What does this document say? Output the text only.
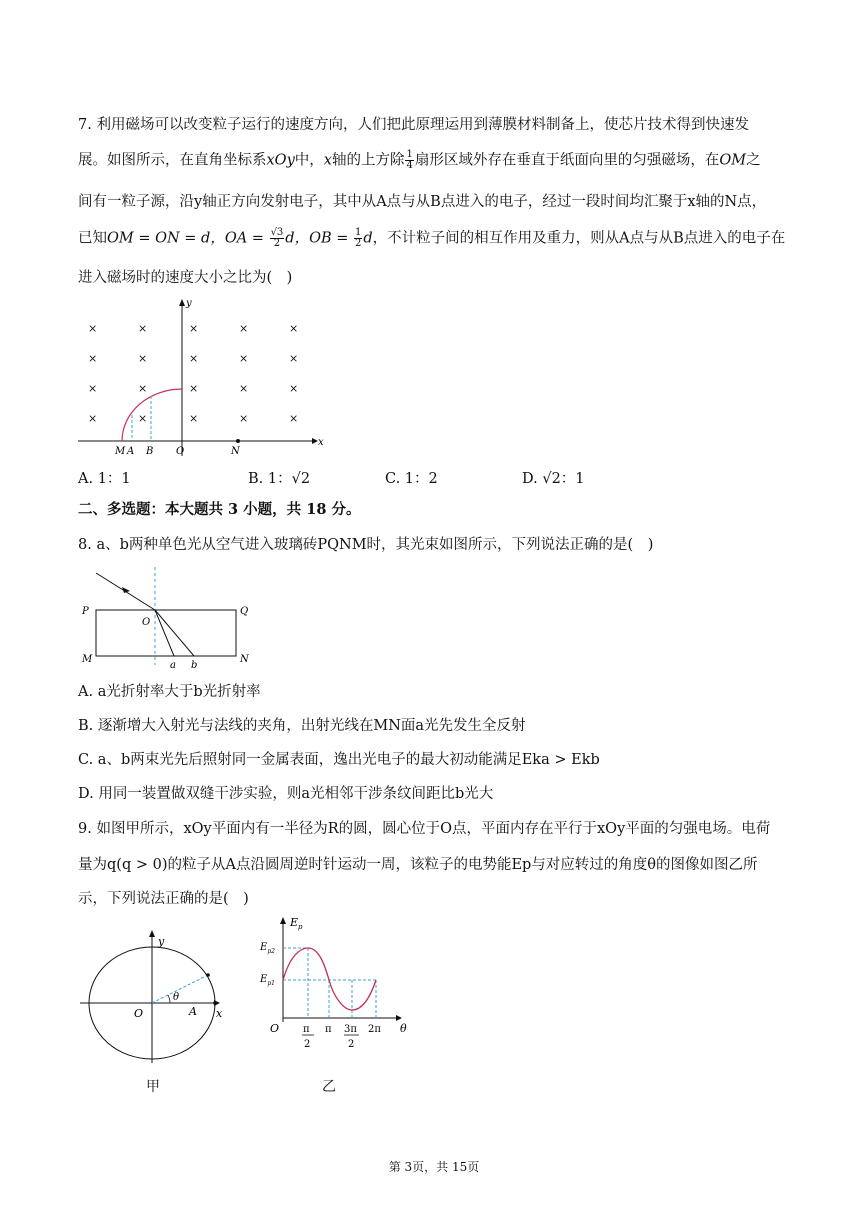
7. 利用磁场可以改变粒子运行的速度方向，人们把此原理运用到薄膜材料制备上，使芯片技术得到快速发
展。如图所示，在直角坐标系xOy中，x轴的上方除 $\frac{1}{4}$ 扇形区域外存在垂直于纸面向里的匀强磁场，在OM之
间有一粒子源，沿y轴正方向发射电子，其中从A点与从B点进入的电子，经过一段时间均汇聚于x轴的N点，
已知OM = ON = d，OA = $\frac{√3}{2}$ d，OB = $\frac{1}{2}$ d，不计粒子间的相互作用及重力，则从A点与从B点进入的电子在
进入磁场时的速度大小之比为(　)
×	×	×	×	×
×	×	×	×	×
×	×	×	×	×
×	×	×	×	×
y
x
M A B O	N
A. 1：1	B. 1：√2	C. 1：2	D. √2：1
二、多选题：本大题共 3 小题，共 18 分。
8. a、b两种单色光从空气进入玻璃砖PQNM时，其光束如图所示，下列说法正确的是(　)
P	Q
M	N
O
a b
A. a光折射率大于b光折射率
B. 逐渐增大入射光与法线的夹角，出射光线在MN面a光先发生全反射
C. a、b两束光先后照射同一金属表面，逸出光电子的最大初动能满足Eka > Ekb
D. 用同一装置做双缝干涉实验，则a光相邻干涉条纹间距比b光大
9. 如图甲所示，xOy平面内有一半径为R的圆，圆心位于O点，平面内存在平行于xOy平面的匀强电场。电荷
量为q(q > 0)的粒子从A点沿圆周逆时针运动一周，该粒子的电势能Ep与对应转过的角度θ的图像如图乙所
示，下列说法正确的是(　)
y
x
O	A
θ
甲
$E_p$
$E_{p2}$
$E_{p1}$
O π
2
π 3π
2
2π θ
乙
第 3页，共 15页
